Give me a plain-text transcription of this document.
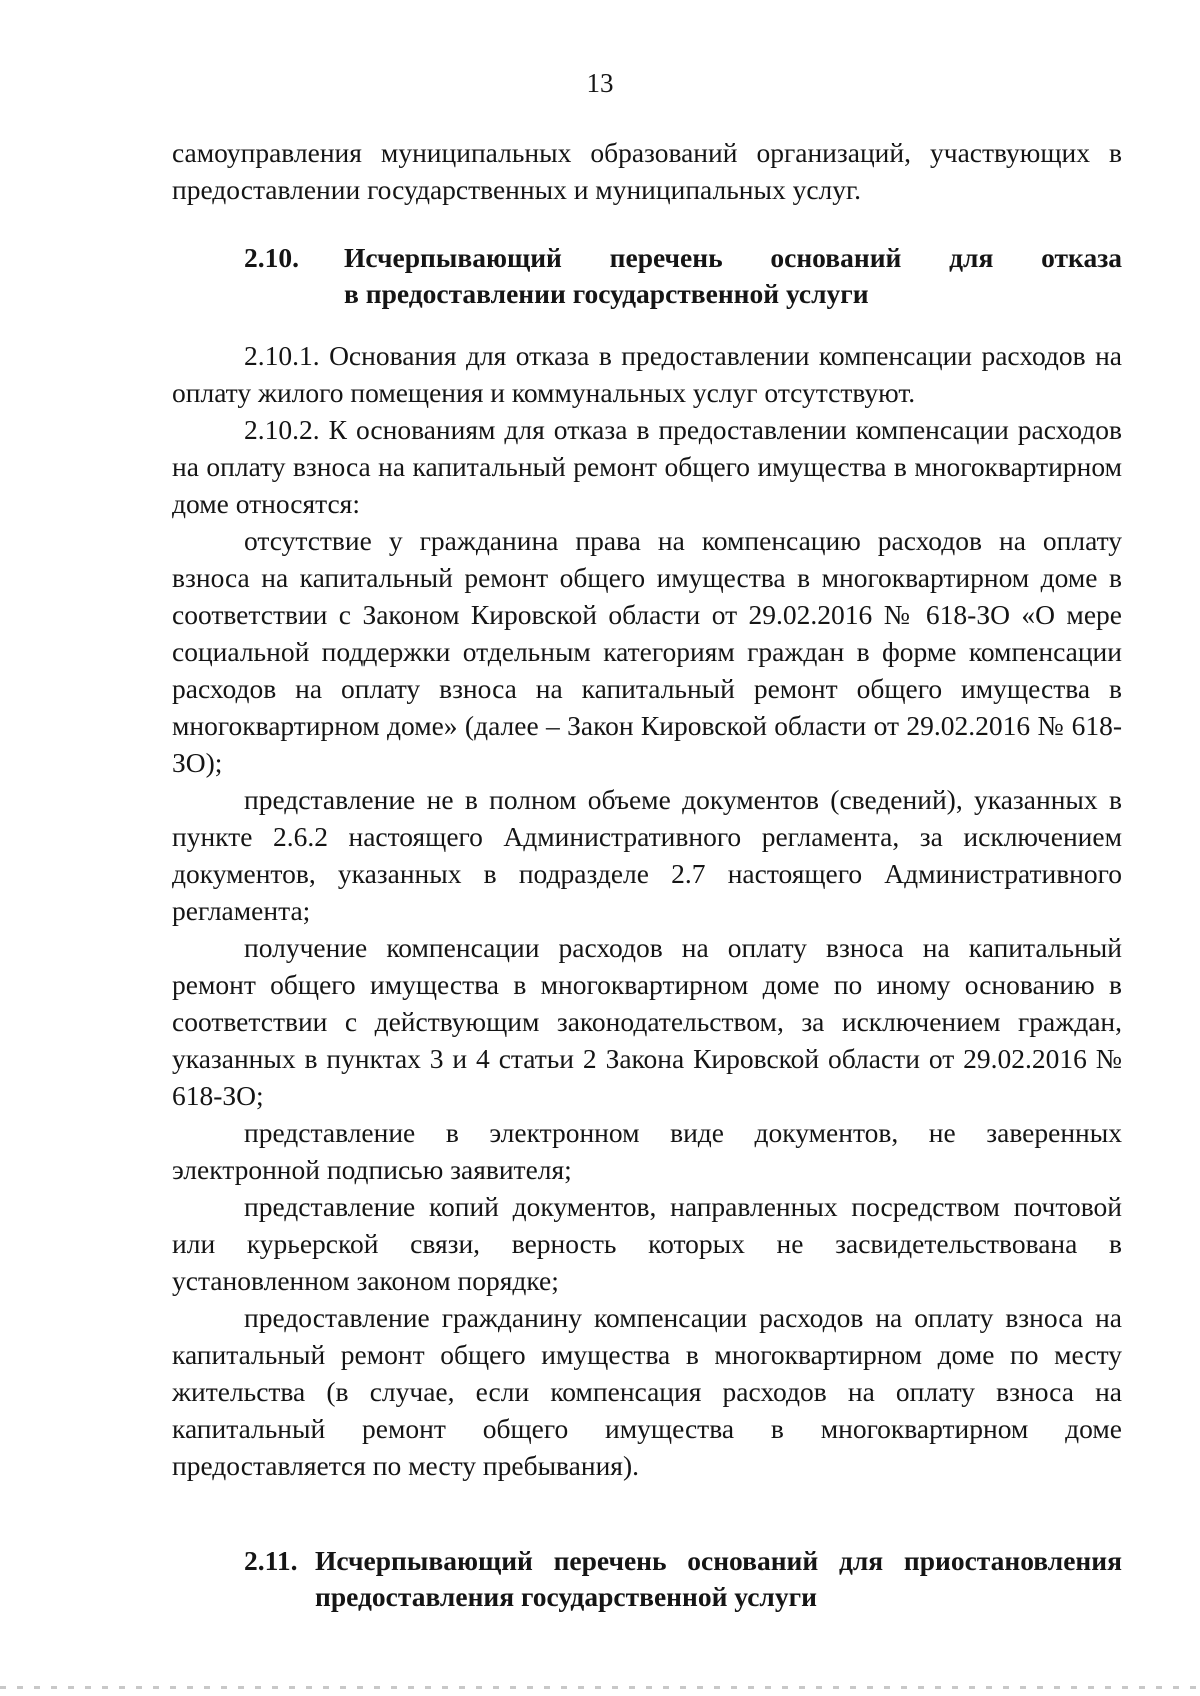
13

самоуправления муниципальных образований организаций, участвующих в предоставлении государственных и муниципальных услуг.

2.10. Исчерпывающий перечень оснований для отказа
в предоставлении государственной услуги

2.10.1. Основания для отказа в предоставлении компенсации расходов на оплату жилого помещения и коммунальных услуг отсутствуют.

2.10.2. К основаниям для отказа в предоставлении компенсации расходов на оплату взноса на капитальный ремонт общего имущества в многоквартирном доме относятся:

отсутствие у гражданина права на компенсацию расходов на оплату взноса на капитальный ремонт общего имущества в многоквартирном доме в соответствии с Законом Кировской области от 29.02.2016 № 618-ЗО «О мере социальной поддержки отдельным категориям граждан в форме компенсации расходов на оплату взноса на капитальный ремонт общего имущества в многоквартирном доме» (далее – Закон Кировской области от 29.02.2016 № 618-ЗО);

представление не в полном объеме документов (сведений), указанных в пункте 2.6.2 настоящего Административного регламента, за исключением документов, указанных в подразделе 2.7 настоящего Административного регламента;

получение компенсации расходов на оплату взноса на капитальный ремонт общего имущества в многоквартирном доме по иному основанию в соответствии с действующим законодательством, за исключением граждан, указанных в пунктах 3 и 4 статьи 2 Закона Кировской области от 29.02.2016 № 618-ЗО;

представление в электронном виде документов, не заверенных электронной подписью заявителя;

представление копий документов, направленных посредством почтовой или курьерской связи, верность которых не засвидетельствована в установленном законом порядке;

предоставление гражданину компенсации расходов на оплату взноса на капитальный ремонт общего имущества в многоквартирном доме по месту жительства (в случае, если компенсация расходов на оплату взноса на капитальный ремонт общего имущества в многоквартирном доме предоставляется по месту пребывания).

2.11. Исчерпывающий перечень оснований для приостановления
предоставления государственной услуги
